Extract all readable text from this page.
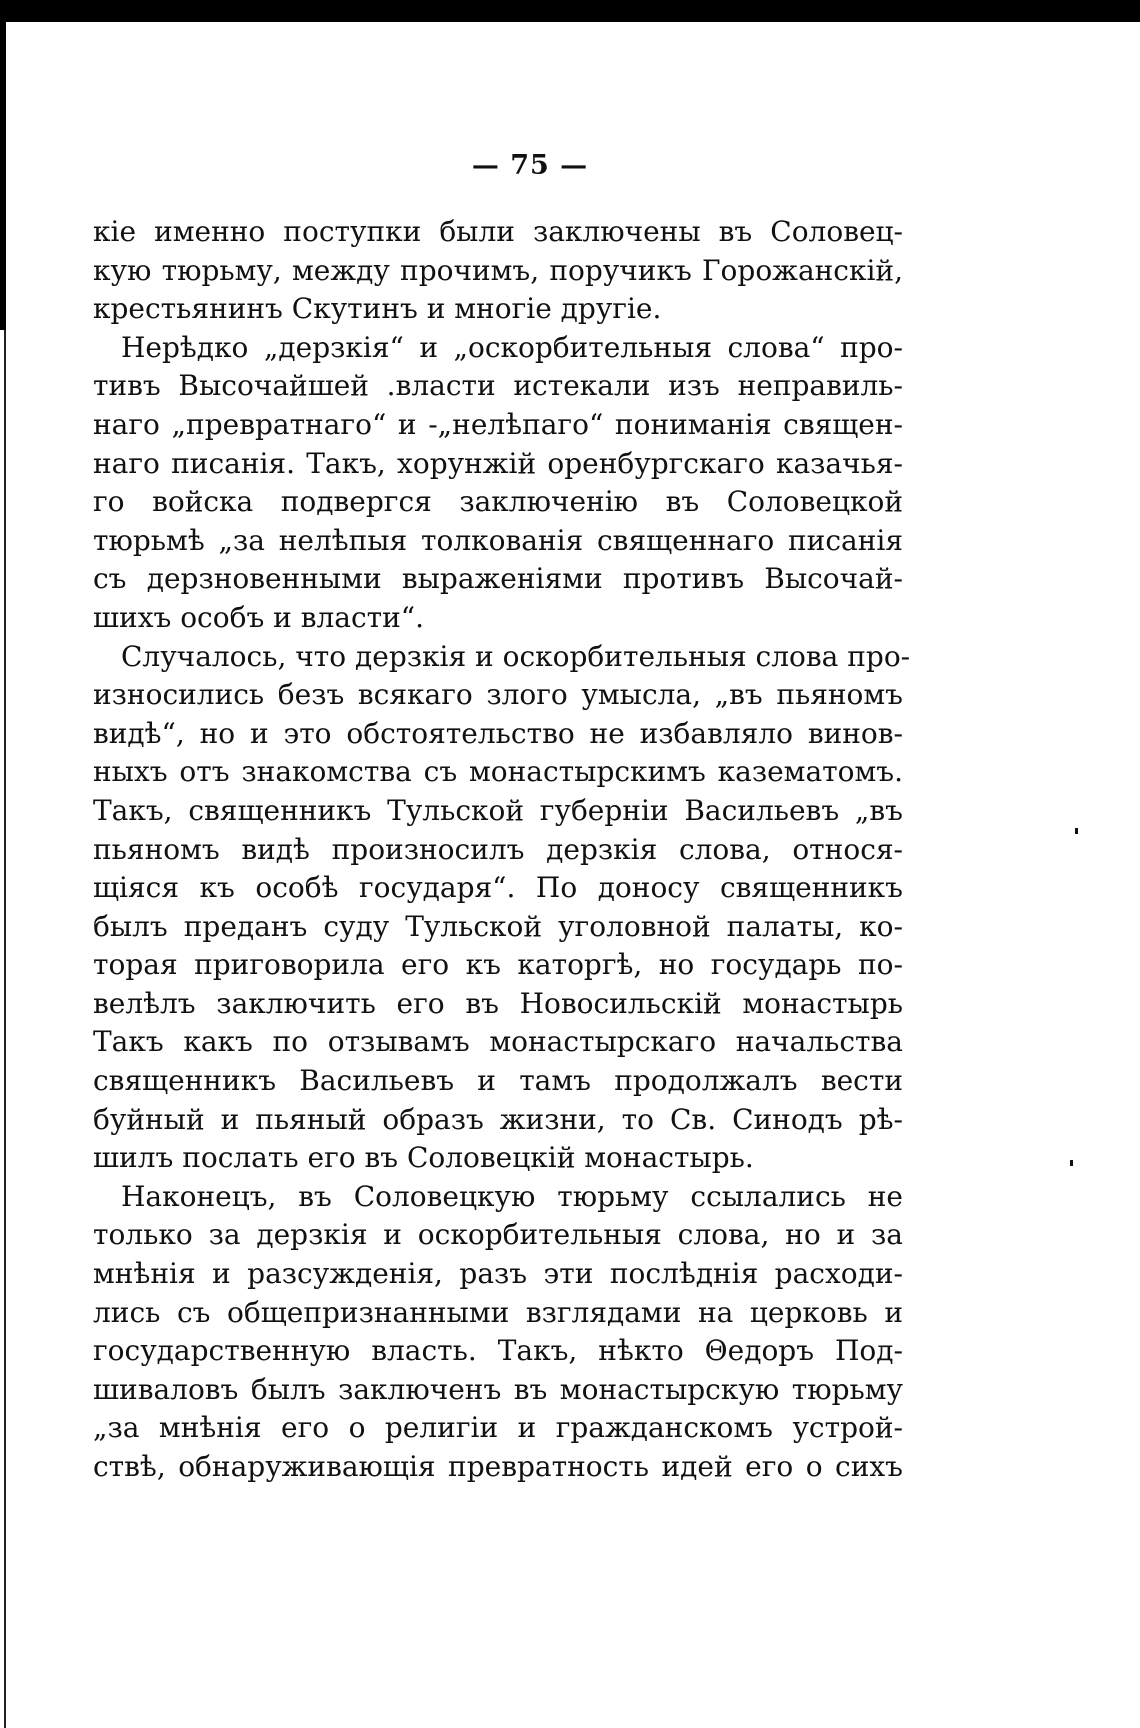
— 75 —
кіе именно поступки были заключены въ Соловец-
кую тюрьму, между прочимъ, поручикъ Горожанскій,
крестьянинъ Скутинъ и многіе другіе.
Нерѣдко „дерзкія“ и „оскорбительныя слова“ про-
тивъ Высочайшей .власти истекали изъ неправиль-
наго „превратнаго“ и -„нелѣпаго“ пониманія священ-
наго писанія. Такъ, хорунжій оренбургскаго казачья-
го войска подвергся заключенію въ Соловецкой
тюрьмѣ „за нелѣпыя толкованія священнаго писанія
съ дерзновенными выраженіями противъ Высочай-
шихъ особъ и власти“.
Случалось, что дерзкія и оскорбительныя слова про-
износились безъ всякаго злого умысла, „въ пьяномъ
видѣ“, но и это обстоятельство не избавляло винов-
ныхъ отъ знакомства съ монастырскимъ казематомъ.
Такъ, священникъ Тульской губерніи Васильевъ „въ
пьяномъ видѣ произносилъ дерзкія слова, относя-
щіяся къ особѣ государя“. По доносу священникъ
былъ преданъ суду Тульской уголовной палаты, ко-
торая приговорила его къ каторгѣ, но государь по-
велѣлъ заключить его въ Новосильскій монастырь
Такъ какъ по отзывамъ монастырскаго начальства
священникъ Васильевъ и тамъ продолжалъ вести
буйный и пьяный образъ жизни, то Св. Синодъ рѣ-
шилъ послать его въ Соловецкій монастырь.
Наконецъ, въ Соловецкую тюрьму ссылались не
только за дерзкія и оскорбительныя слова, но и за
мнѣнія и разсужденія, разъ эти послѣднія расходи-
лись съ общепризнанными взглядами на церковь и
государственную власть. Такъ, нѣкто Θедоръ Под-
шиваловъ былъ заключенъ въ монастырскую тюрьму
„за мнѣнія его о религіи и гражданскомъ устрой-
ствѣ, обнаруживающія превратность идей его о сихъ
